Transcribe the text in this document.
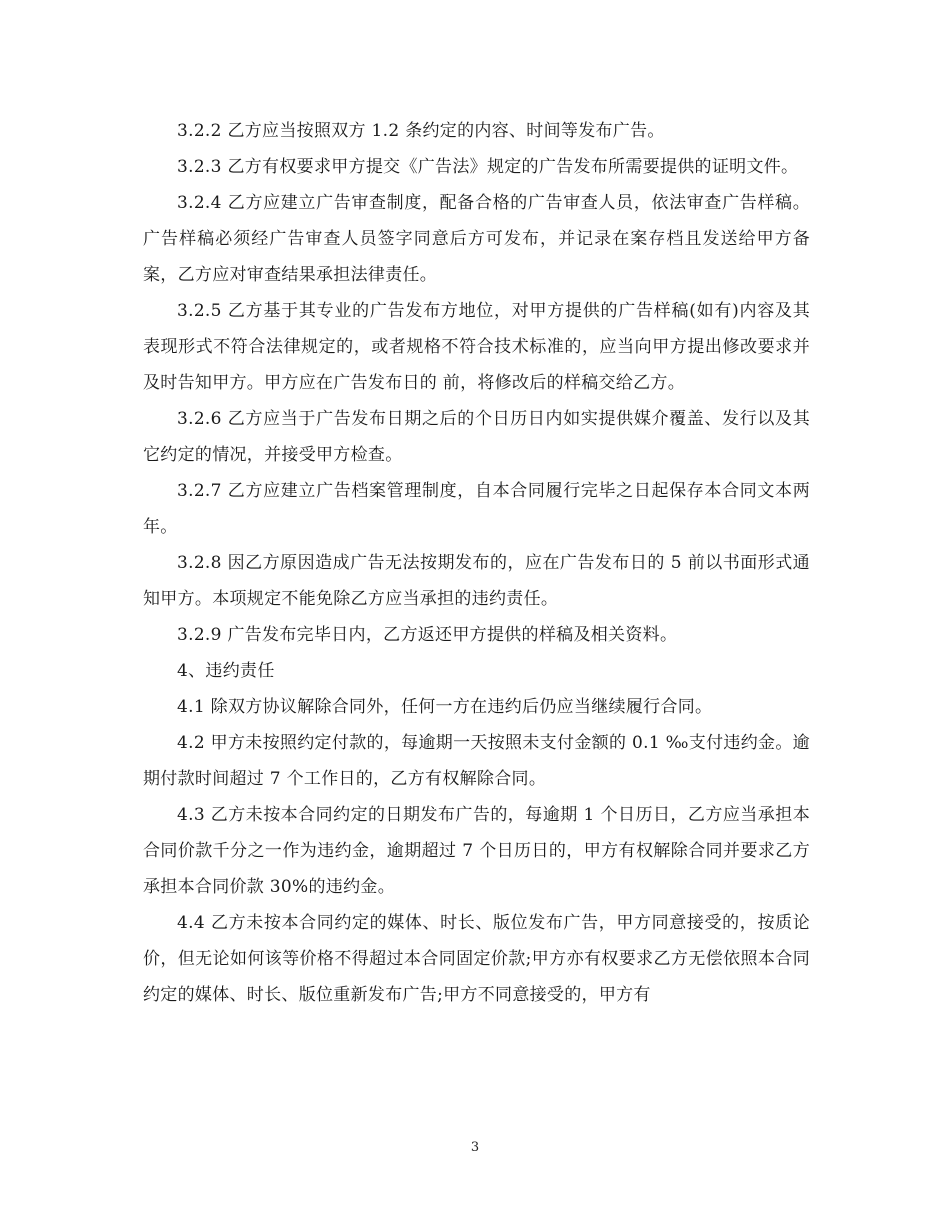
3.2.2 乙方应当按照双方 1.2 条约定的内容、时间等发布广告。

3.2.3 乙方有权要求甲方提交《广告法》规定的广告发布所需要提供的证明文件。

3.2.4 乙方应建立广告审查制度，配备合格的广告审查人员，依法审查广告样稿。广告样稿必须经广告审查人员签字同意后方可发布，并记录在案存档且发送给甲方备案，乙方应对审查结果承担法律责任。

3.2.5 乙方基于其专业的广告发布方地位，对甲方提供的广告样稿(如有)内容及其表现形式不符合法律规定的，或者规格不符合技术标准的，应当向甲方提出修改要求并及时告知甲方。甲方应在广告发布日的 前，将修改后的样稿交给乙方。

3.2.6 乙方应当于广告发布日期之后的个日历日内如实提供媒介覆盖、发行以及其它约定的情况，并接受甲方检查。

3.2.7 乙方应建立广告档案管理制度，自本合同履行完毕之日起保存本合同文本两年。

3.2.8 因乙方原因造成广告无法按期发布的，应在广告发布日的 5 前以书面形式通知甲方。本项规定不能免除乙方应当承担的违约责任。

3.2.9 广告发布完毕日内，乙方返还甲方提供的样稿及相关资料。

4、违约责任

4.1 除双方协议解除合同外，任何一方在违约后仍应当继续履行合同。

4.2 甲方未按照约定付款的，每逾期一天按照未支付金额的 0.1 ‰支付违约金。逾期付款时间超过 7 个工作日的，乙方有权解除合同。

4.3 乙方未按本合同约定的日期发布广告的，每逾期 1 个日历日，乙方应当承担本合同价款千分之一作为违约金，逾期超过 7 个日历日的，甲方有权解除合同并要求乙方承担本合同价款 30%的违约金。

4.4 乙方未按本合同约定的媒体、时长、版位发布广告，甲方同意接受的，按质论价，但无论如何该等价格不得超过本合同固定价款;甲方亦有权要求乙方无偿依照本合同约定的媒体、时长、版位重新发布广告;甲方不同意接受的，甲方有

3
